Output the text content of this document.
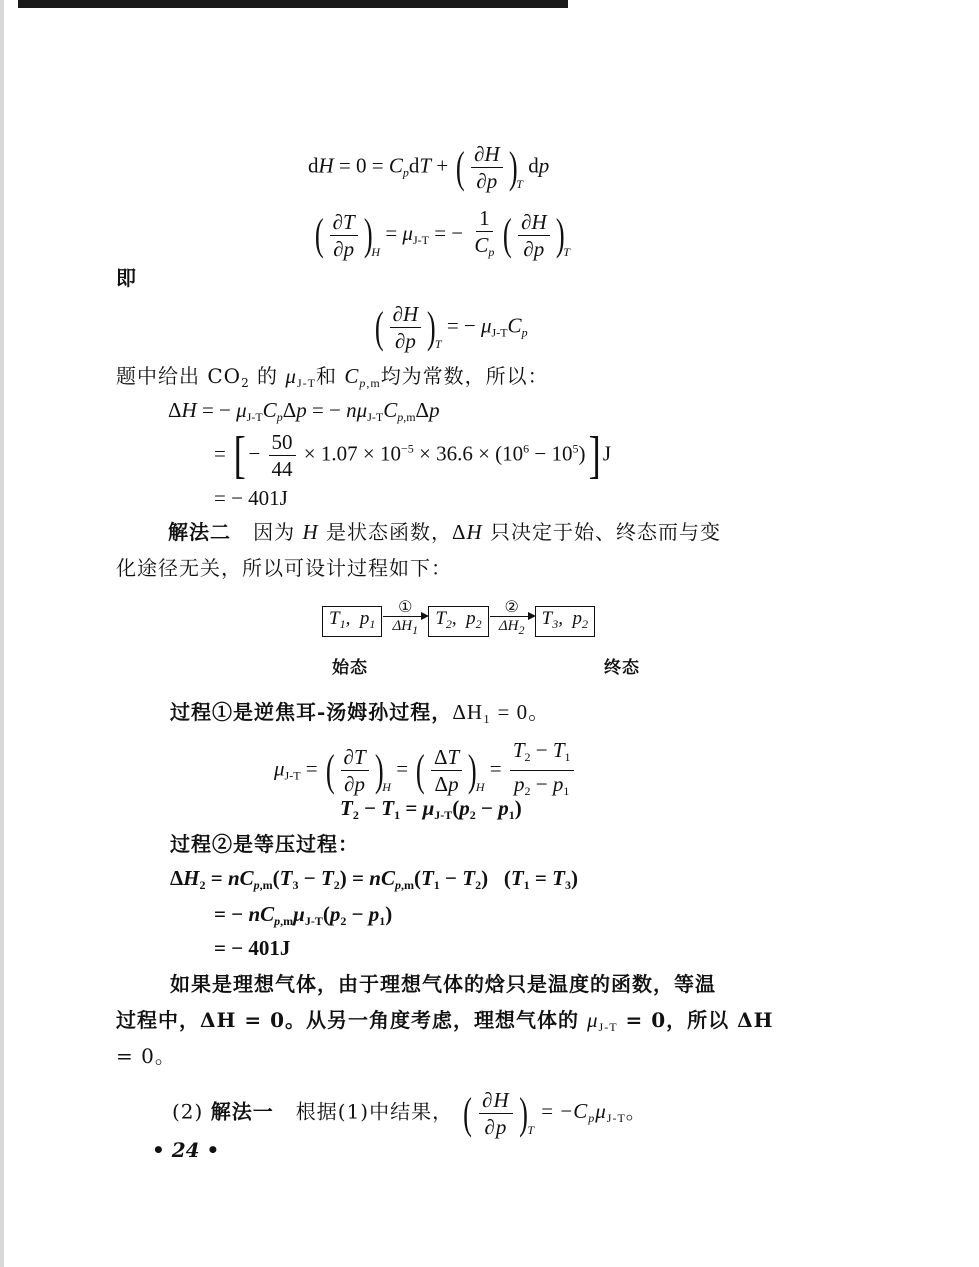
dH = $0 = C_pdT$ + ( $\frac{\partial H}{\partial p} )_T$ dp
( $\frac{\partial T}{\partial p} )_H = \mu_{J-T}$ = − $\frac{1}{C_p}$ ( $\frac{\partial H}{\partial p} )_T$
即
( $\frac{\partial H}{\partial p} )_T$ = − $\mu_{J-T}C_p$
题中给出 $CO_2$ 的 $\mu_{J-T}$和 $C_{p,m}$均为常数，所以：
ΔH = − $\mu_{J-T}C_p\Delta p$ = − $n\mu_{J-T}C_{p,m}\Delta p$
= [ − $\frac{50}{44} \times 1.07 \times 10^{-5} \times 36.6 \times (10^6 - 10^5)$] J
= − 401J
解法二 因为 H 是状态函数，ΔH 只决定于始、终态而与变
化途径无关，所以可设计过程如下：
$T_1$,  $p_1$
①
$\Delta H_1$
$T_2$,  $p_2$
②
$\Delta H_2$
$T_3$,  $p_2$
始态	终态
过程①是逆焦耳-汤姆孙过程，ΔH₁ = 0。
$\mu_{J-T}$ = ( $\frac{\partial T}{\partial p} )_H$ = ( $\frac{\Delta T}{\Delta p} )_H = \frac{T_2 - T_1}{p_2 - p_1}$
$T_2 - T_1 = \mu_{J-T}(p_2 - p_1)$
过程②是等压过程：
$\Delta H_2 = nC_{p,m}(T_3 - T_2) = nC_{p,m}(T_1 - T_2) (T_1 = T_3)$
= − $nC_{p,m}\mu_{J-T}(p_2 - p_1)$
= − 401J
如果是理想气体，由于理想气体的焓只是温度的函数，等温
过程中，ΔH = 0。从另一角度考虑，理想气体的 $\mu_{J-T} = 0$，所以 ΔH
= 0。
(2) 解法一 根据(1)中结果， ( $\frac{\partial H}{\partial p} )_T = -C_p\mu_{J-T}$。
• 24 •
